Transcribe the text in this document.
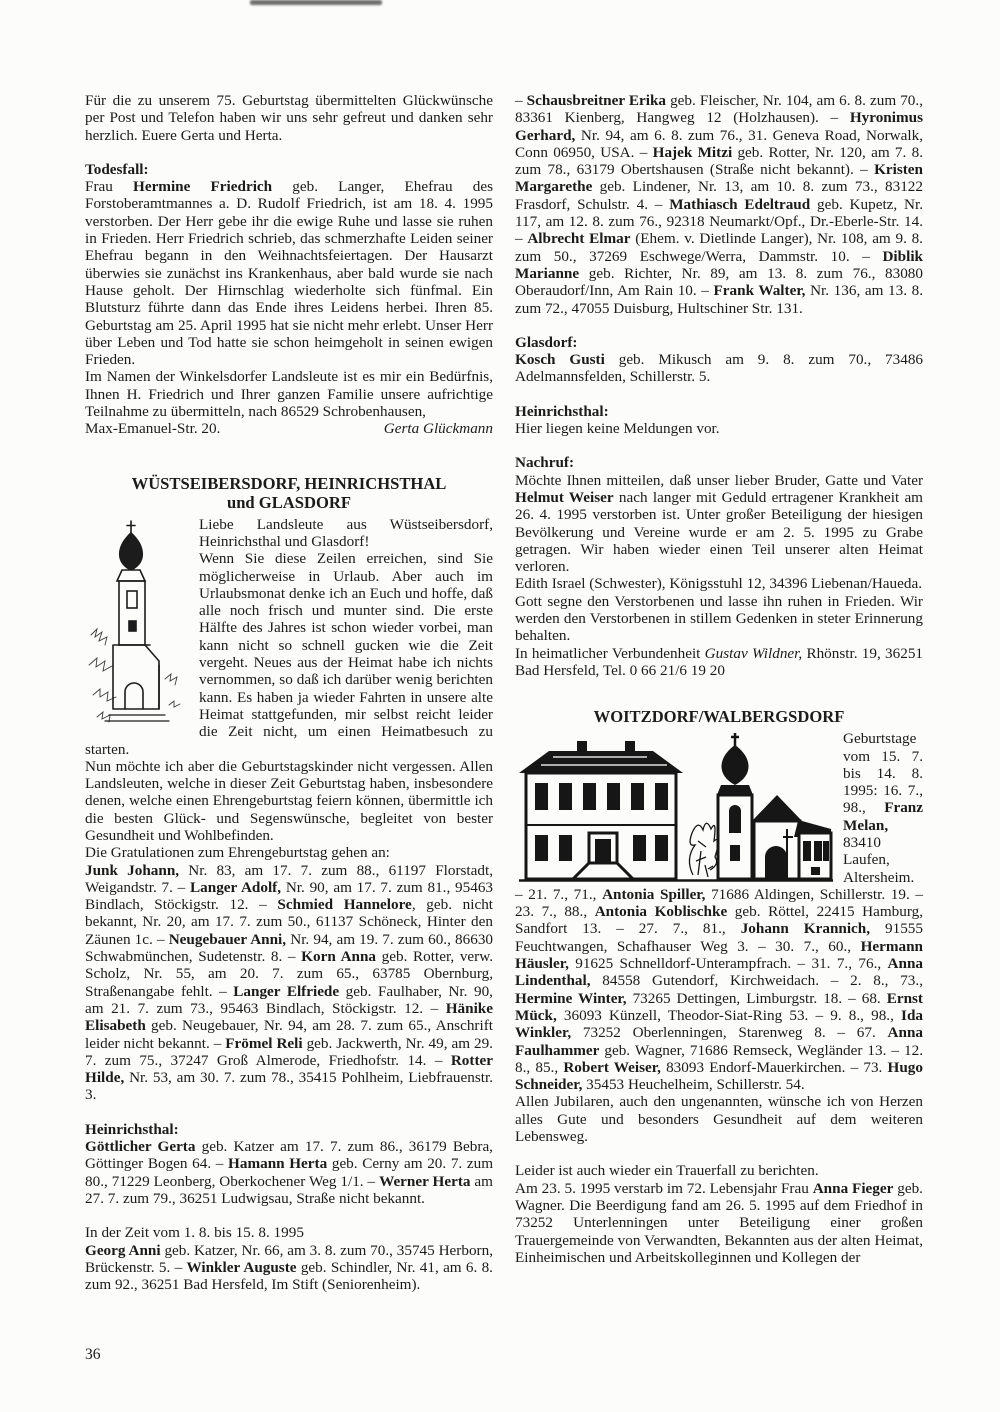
Für die zu unserem 75. Geburtstag übermittelten Glückwünsche per Post und Telefon haben wir uns sehr gefreut und danken sehr herzlich. Euere Gerta und Herta.

Todesfall:

Frau Hermine Friedrich geb. Langer, Ehefrau des Forstoberamtmannes a. D. Rudolf Friedrich, ist am 18. 4. 1995 verstorben. Der Herr gebe ihr die ewige Ruhe und lasse sie ruhen in Frieden. Herr Friedrich schrieb, das schmerzhafte Leiden seiner Ehefrau begann in den Weihnachtsfeiertagen. Der Hausarzt überwies sie zunächst ins Krankenhaus, aber bald wurde sie nach Hause geholt. Der Hirnschlag wiederholte sich fünfmal. Ein Blutsturz führte dann das Ende ihres Leidens herbei. Ihren 85. Geburtstag am 25. April 1995 hat sie nicht mehr erlebt. Unser Herr über Leben und Tod hatte sie schon heimgeholt in seinen ewigen Frieden.

Im Namen der Winkelsdorfer Landsleute ist es mir ein Bedürfnis, Ihnen H. Friedrich und Ihrer ganzen Familie unsere aufrichtige Teilnahme zu übermitteln, nach 86529 Schrobenhausen,

Max-Emanuel-Str. 20.	Gerta Glückmann
WÜSTSEIBERSDORF, HEINRICHSTHAL
und GLASDORF

Liebe Landsleute aus Wüstseibersdorf, Heinrichsthal und Glasdorf!

Wenn Sie diese Zeilen erreichen, sind Sie möglicherweise in Urlaub. Aber auch im Urlaubsmonat denke ich an Euch und hoffe, daß alle noch frisch und munter sind. Die erste Hälfte des Jahres ist schon wieder vorbei, man kann nicht so schnell gucken wie die Zeit vergeht. Neues aus der Heimat habe ich nichts vernommen, so daß ich darüber wenig berichten kann. Es haben ja wieder Fahrten in unsere alte Heimat stattgefunden, mir selbst reicht leider die Zeit nicht, um einen Heimatbesuch zu starten.

Nun möchte ich aber die Geburtstagskinder nicht vergessen. Allen Landsleuten, welche in dieser Zeit Geburtstag haben, insbesondere denen, welche einen Ehrengeburtstag feiern können, übermittle ich die besten Glück- und Segenswünsche, begleitet von bester Gesundheit und Wohlbefinden.

Die Gratulationen zum Ehrengeburtstag gehen an:

Junk Johann, Nr. 83, am 17. 7. zum 88., 61197 Florstadt, Weigandstr. 7. – Langer Adolf, Nr. 90, am 17. 7. zum 81., 95463 Bindlach, Stöckigstr. 12. – Schmied Hannelore, geb. nicht bekannt, Nr. 20, am 17. 7. zum 50., 61137 Schöneck, Hinter den Zäunen 1c. – Neugebauer Anni, Nr. 94, am 19. 7. zum 60., 86630 Schwabmünchen, Sudetenstr. 8. – Korn Anna geb. Rotter, verw. Scholz, Nr. 55, am 20. 7. zum 65., 63785 Obernburg, Straßenangabe fehlt. – Langer Elfriede geb. Faulhaber, Nr. 90, am 21. 7. zum 73., 95463 Bindlach, Stöckigstr. 12. – Hänike Elisabeth geb. Neugebauer, Nr. 94, am 28. 7. zum 65., Anschrift leider nicht bekannt. – Frömel Reli geb. Jackwerth, Nr. 49, am 29. 7. zum 75., 37247 Groß Almerode, Friedhofstr. 14. – Rotter Hilde, Nr. 53, am 30. 7. zum 78., 35415 Pohlheim, Liebfrauenstr. 3.

Heinrichsthal:

Göttlicher Gerta geb. Katzer am 17. 7. zum 86., 36179 Bebra, Göttinger Bogen 64. – Hamann Herta geb. Cerny am 20. 7. zum 80., 71229 Leonberg, Oberkochener Weg 1/1. – Werner Herta am 27. 7. zum 79., 36251 Ludwigsau, Straße nicht bekannt.

In der Zeit vom 1. 8. bis 15. 8. 1995

Georg Anni geb. Katzer, Nr. 66, am 3. 8. zum 70., 35745 Herborn, Brückenstr. 5. – Winkler Auguste geb. Schindler, Nr. 41, am 6. 8. zum 92., 36251 Bad Hersfeld, Im Stift (Seniorenheim).

– Schausbreitner Erika geb. Fleischer, Nr. 104, am 6. 8. zum 70., 83361 Kienberg, Hangweg 12 (Holzhausen). – Hyronimus Gerhard, Nr. 94, am 6. 8. zum 76., 31. Geneva Road, Norwalk, Conn 06950, USA. – Hajek Mitzi geb. Rotter, Nr. 120, am 7. 8. zum 78., 63179 Obertshausen (Straße nicht bekannt). – Kristen Margarethe geb. Lindener, Nr. 13, am 10. 8. zum 73., 83122 Frasdorf, Schulstr. 4. – Mathiasch Edeltraud geb. Kupetz, Nr. 117, am 12. 8. zum 76., 92318 Neumarkt/Opf., Dr.-Eberle-Str. 14. – Albrecht Elmar (Ehem. v. Dietlinde Langer), Nr. 108, am 9. 8. zum 50., 37269 Eschwege/Werra, Dammstr. 10. – Diblik Marianne geb. Richter, Nr. 89, am 13. 8. zum 76., 83080 Oberaudorf/Inn, Am Rain 10. – Frank Walter, Nr. 136, am 13. 8. zum 72., 47055 Duisburg, Hultschiner Str. 131.

Glasdorf:

Kosch Gusti geb. Mikusch am 9. 8. zum 70., 73486 Adelmannsfelden, Schillerstr. 5.

Heinrichsthal:

Hier liegen keine Meldungen vor.

Nachruf:

Möchte Ihnen mitteilen, daß unser lieber Bruder, Gatte und Vater Helmut Weiser nach langer mit Geduld ertragener Krankheit am 26. 4. 1995 verstorben ist. Unter großer Beteiligung der hiesigen Bevölkerung und Vereine wurde er am 2. 5. 1995 zu Grabe getragen. Wir haben wieder einen Teil unserer alten Heimat verloren.

Edith Israel (Schwester), Königsstuhl 12, 34396 Liebenan/Haueda.

Gott segne den Verstorbenen und lasse ihn ruhen in Frieden. Wir werden den Verstorbenen in stillem Gedenken in steter Erinnerung behalten.

In heimatlicher Verbundenheit Gustav Wildner, Rhönstr. 19, 36251 Bad Hersfeld, Tel. 0 66 21/6 19 20

WOITZDORF/WALBERGSDORF

Geburtstage vom 15. 7. bis 14. 8. 1995: 16. 7., 98., Franz Melan, 83410 Laufen, Altersheim. – 21. 7., 71., Antonia Spiller, 71686 Aldingen, Schillerstr. 19. – 23. 7., 88., Antonia Koblischke geb. Röttel, 22415 Hamburg, Sandfort 13. – 27. 7., 81., Johann Krannich, 91555 Feuchtwangen, Schafhauser Weg 3. – 30. 7., 60., Hermann Häusler, 91625 Schnelldorf-Unterampfrach. – 31. 7., 76., Anna Lindenthal, 84558 Gutendorf, Kirchweidach. – 2. 8., 73., Hermine Winter, 73265 Dettingen, Limburgstr. 18. – 68. Ernst Mück, 36093 Künzell, Theodor-Siat-Ring 53. – 9. 8., 98., Ida Winkler, 73252 Oberlenningen, Starenweg 8. – 67. Anna Faulhammer geb. Wagner, 71686 Remseck, Wegländer 13. – 12. 8., 85., Robert Weiser, 83093 Endorf-Mauerkirchen. – 73. Hugo Schneider, 35453 Heuchelheim, Schillerstr. 54.

Allen Jubilaren, auch den ungenannten, wünsche ich von Herzen alles Gute und besonders Gesundheit auf dem weiteren Lebensweg.

Leider ist auch wieder ein Trauerfall zu berichten.

Am 23. 5. 1995 verstarb im 72. Lebensjahr Frau Anna Fieger geb. Wagner. Die Beerdigung fand am 26. 5. 1995 auf dem Friedhof in 73252 Unterlenningen unter Beteiligung einer großen Trauergemeinde von Verwandten, Bekannten aus der alten Heimat, Einheimischen und Arbeitskolleginnen und Kollegen der

36
